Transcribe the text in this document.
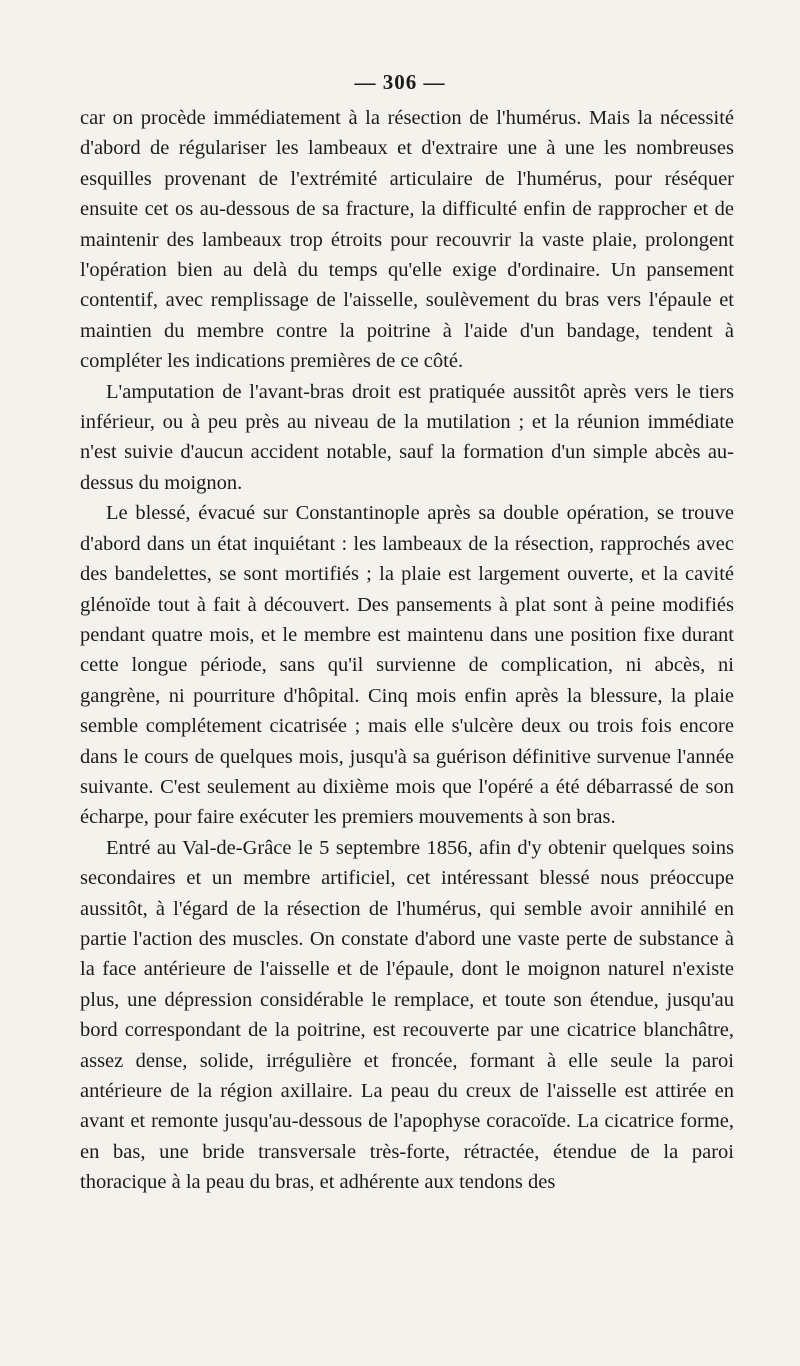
— 306 —

car on procède immédiatement à la résection de l'humérus. Mais la nécessité d'abord de régulariser les lambeaux et d'extraire une à une les nombreuses esquilles provenant de l'extrémité articulaire de l'humérus, pour réséquer ensuite cet os au-dessous de sa fracture, la difficulté enfin de rapprocher et de maintenir des lambeaux trop étroits pour recouvrir la vaste plaie, prolongent l'opération bien au delà du temps qu'elle exige d'ordinaire. Un pansement contentif, avec remplissage de l'aisselle, soulèvement du bras vers l'épaule et maintien du membre contre la poitrine à l'aide d'un bandage, tendent à compléter les indications premières de ce côté.

L'amputation de l'avant-bras droit est pratiquée aussitôt après vers le tiers inférieur, ou à peu près au niveau de la mutilation ; et la réunion immédiate n'est suivie d'aucun accident notable, sauf la formation d'un simple abcès au-dessus du moignon.

Le blessé, évacué sur Constantinople après sa double opération, se trouve d'abord dans un état inquiétant : les lambeaux de la résection, rapprochés avec des bandelettes, se sont mortifiés ; la plaie est largement ouverte, et la cavité glénoïde tout à fait à découvert. Des pansements à plat sont à peine modifiés pendant quatre mois, et le membre est maintenu dans une position fixe durant cette longue période, sans qu'il survienne de complication, ni abcès, ni gangrène, ni pourriture d'hôpital. Cinq mois enfin après la blessure, la plaie semble complétement cicatrisée ; mais elle s'ulcère deux ou trois fois encore dans le cours de quelques mois, jusqu'à sa guérison définitive survenue l'année suivante. C'est seulement au dixième mois que l'opéré a été débarrassé de son écharpe, pour faire exécuter les premiers mouvements à son bras.

Entré au Val-de-Grâce le 5 septembre 1856, afin d'y obtenir quelques soins secondaires et un membre artificiel, cet intéressant blessé nous préoccupe aussitôt, à l'égard de la résection de l'humérus, qui semble avoir annihilé en partie l'action des muscles. On constate d'abord une vaste perte de substance à la face antérieure de l'aisselle et de l'épaule, dont le moignon naturel n'existe plus, une dépression considérable le remplace, et toute son étendue, jusqu'au bord correspondant de la poitrine, est recouverte par une cicatrice blanchâtre, assez dense, solide, irrégulière et froncée, formant à elle seule la paroi antérieure de la région axillaire. La peau du creux de l'aisselle est attirée en avant et remonte jusqu'au-dessous de l'apophyse coracoïde. La cicatrice forme, en bas, une bride transversale très-forte, rétractée, étendue de la paroi thoracique à la peau du bras, et adhérente aux tendons des
